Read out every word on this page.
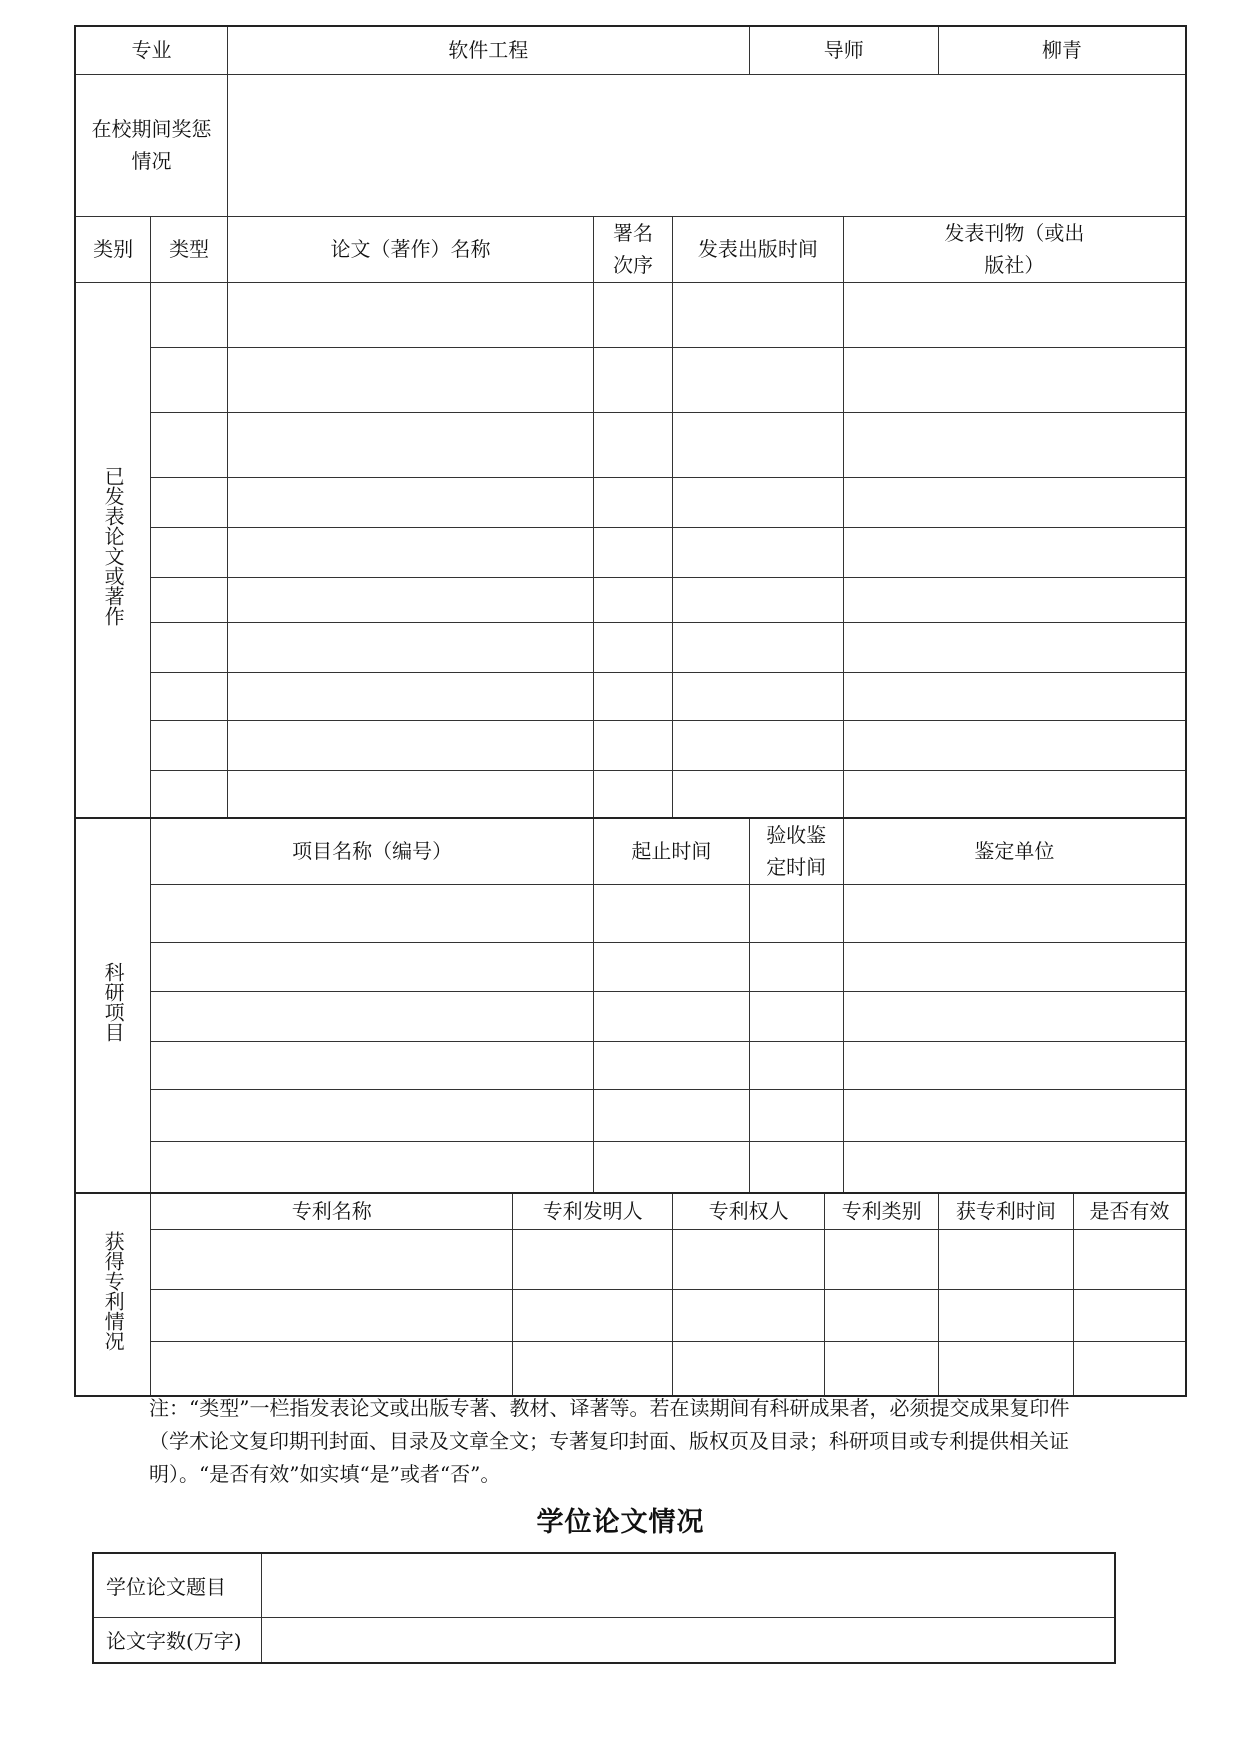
专业		软件工程				导师			柳青	
在校期间奖惩情况										
类别	类型	论文（著作）名称		署名次序	发表出版时间			发表刊物（或出版社）		
已发表论文或著作										

科研项目	项目名称（编号）			起止时间		验收鉴定时间		鉴定单位		

获得专利情况	专利名称		专利发明人		专利权人		专利类别		获专利时间	是否有效

注：“类型”一栏指发表论文或出版专著、教材、译著等。若在读期间有科研成果者，必须提交成果复印件（学术论文复印期刊封面、目录及文章全文；专著复印封面、版权页及目录；科研项目或专利提供相关证明）。“是否有效”如实填“是”或者“否”。

学位论文情况
学位论文题目	
论文字数(万字)	
